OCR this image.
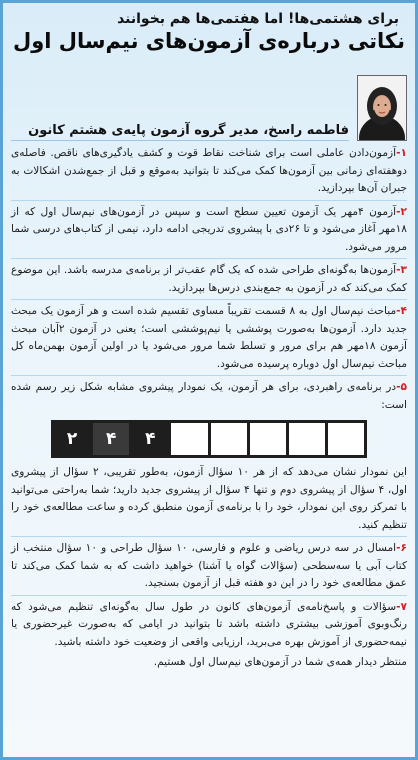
برای هشتمی‌ها! اما هفتمی‌ها هم بخوانند
نکاتی درباره‌ی آزمون‌های نیم‌سال اول
فاطمه راسخ، مدیر گروه آزمون پایه‌ی هشتم کانون

۱-آزمون‌دادن عاملی است برای شناخت نقاط قوت و کشف یادگیری‌های ناقص. فاصله‌ی دوهفته‌ای زمانی بین آزمون‌ها کمک می‌کند تا بتوانید به‌موقع و قبل از جمع‌شدن اشکالات به جبران آن‌ها بپردازید.

۲-آزمون ۴مهر یک آزمون تعیین سطح است و سپس در آزمون‌های نیم‌سال اول که از ۱۸مهر آغاز می‌شود و تا ۲۶دی با پیشروی تدریجی ادامه دارد، نیمی از کتاب‌های درسی شما مرور می‌شود.

۳-آزمون‌ها به‌گونه‌ای طراحی شده که یک گام عقب‌تر از برنامه‌ی مدرسه باشد. این موضوع کمک می‌کند که در آزمون به جمع‌بندی درس‌ها بپردازید.

۴-مباحث نیم‌سال اول به ۸ قسمت تقریباً مساوی تقسیم شده است و هر آزمون یک مبحث جدید دارد. آزمون‌ها به‌صورت پوششی یا نیم‌پوششی است؛ یعنی در آزمون ۲آبان مبحث آزمون ۱۸مهر هم برای مرور و تسلط شما مرور می‌شود یا در اولین آزمون بهمن‌ماه کل مباحث نیم‌سال اول دوباره پرسیده می‌شود.

۵-در برنامه‌ی راهبردی، برای هر آزمون، یک نمودار پیشروی مشابه شکل زیر رسم شده است:

۲	۴	۴

این نمودار نشان می‌دهد که از هر ۱۰ سؤال آزمون، به‌طور تقریبی، ۲ سؤال از پیشروی اول، ۴ سؤال از پیشروی دوم و تنها ۴ سؤال از پیشروی جدید دارید؛ شما به‌راحتی می‌توانید با تمرکز روی این نمودار، خود را با برنامه‌ی آزمون منطبق کرده و ساعت مطالعه‌ی خود را تنظیم کنید.

۶-امسال در سه درس ریاضی و علوم و فارسی، ۱۰ سؤال طراحی و ۱۰ سؤال منتخب از کتاب آبی یا سه‌سطحی (سؤالات گواه یا آشنا) خواهید داشت که به شما کمک می‌کند تا عمق مطالعه‌ی خود را در این دو هفته قبل از آزمون بسنجید.

۷-سؤالات و پاسخ‌نامه‌ی آزمون‌های کانون در طول سال به‌گونه‌ای تنظیم می‌شود که رنگ‌وبوی آموزشی بیشتری داشته باشد تا بتوانید در ایامی که به‌صورت غیرحضوری یا نیمه‌حضوری از آموزش بهره می‌برید، ارزیابی واقعی از وضعیت خود داشته باشید.

منتظر دیدار همه‌ی شما در آزمون‌های نیم‌سال اول هستیم.
